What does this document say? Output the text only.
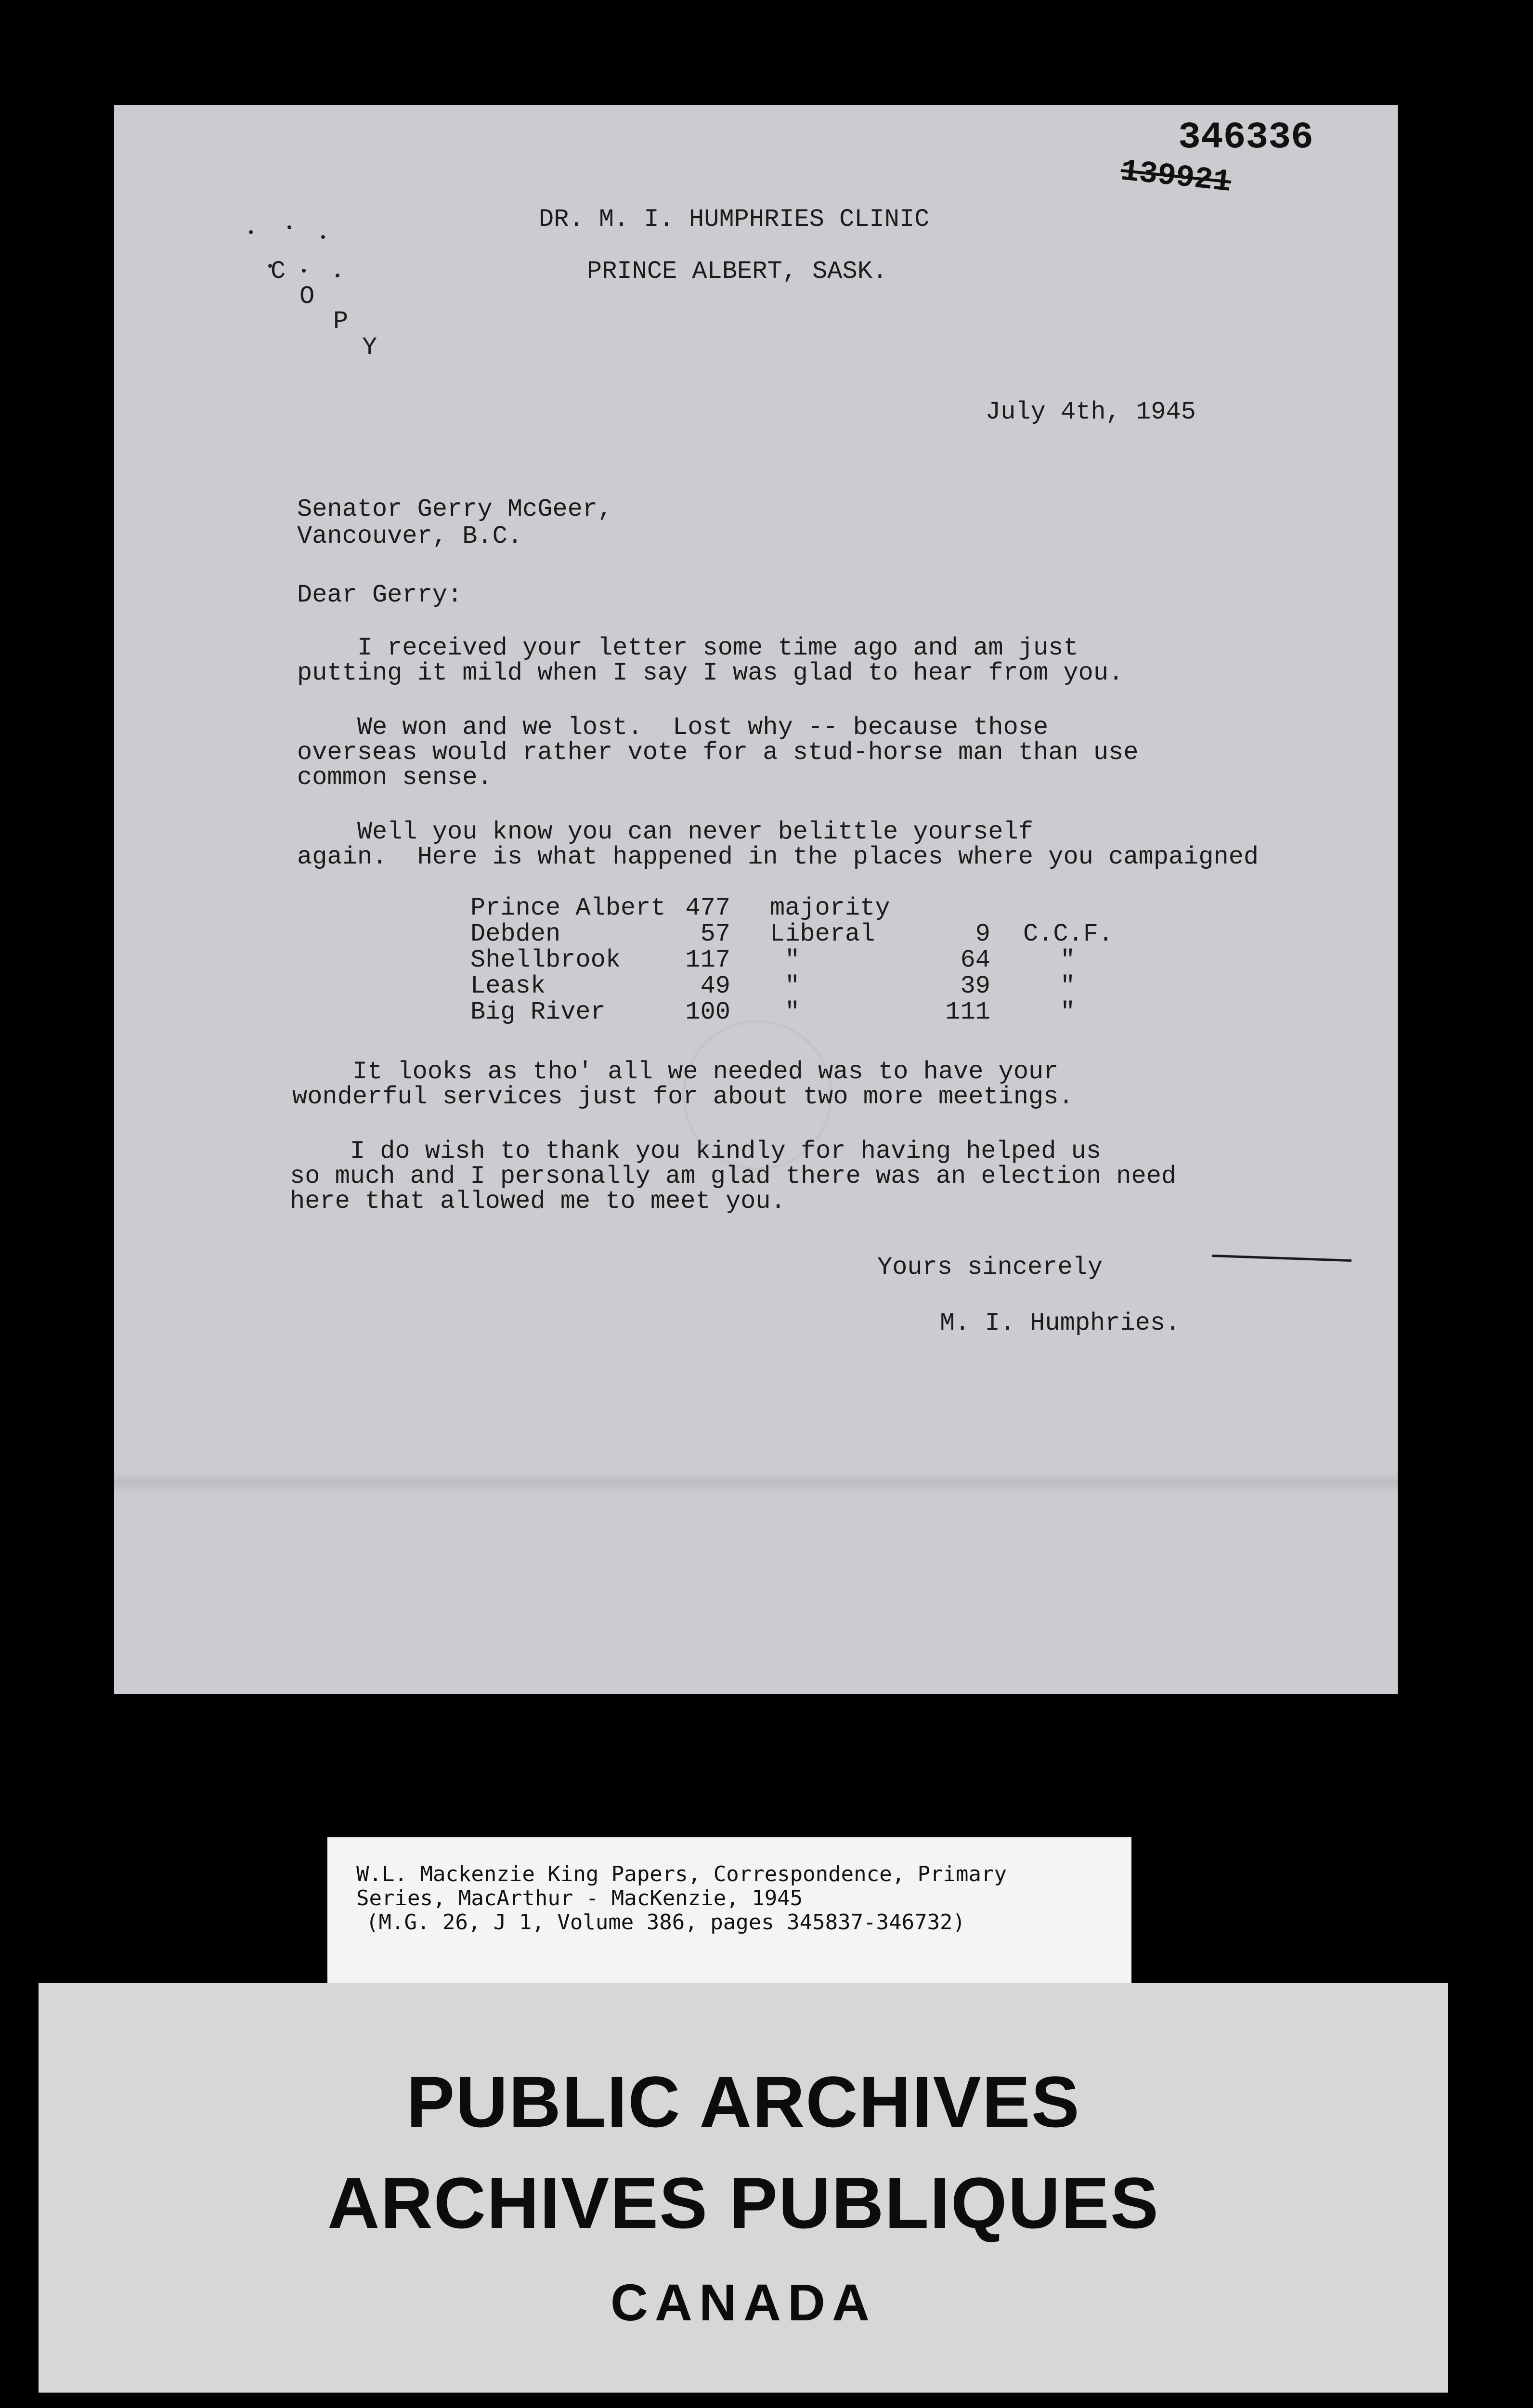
346336
139921
DR. M. I. HUMPHRIES CLINIC
PRINCE ALBERT, SASK.
C
O
P
Y
July 4th, 1945
Senator Gerry McGeer,
Vancouver, B.C.
Dear Gerry:
I received your letter some time ago and am just
putting it mild when I say I was glad to hear from you.
We won and we lost.  Lost why -- because those
overseas would rather vote for a stud-horse man than use
common sense.
Well you know you can never belittle yourself
again.  Here is what happened in the places where you campaigned
Prince Albert 477 majority
Debden	57 Liberal	9 C.C.F.
Shellbrook	117 "	64	"
Leask	49 "	39	"
Big River	100 "	111	"
It looks as tho' all we needed was to have your
wonderful services just for about two more meetings.
I do wish to thank you kindly for having helped us
so much and I personally am glad there was an election need
here that allowed me to meet you.
Yours sincerely
M. I. Humphries.
W.L. Mackenzie King Papers, Correspondence, Primary
Series, MacArthur - MacKenzie, 1945
(M.G. 26, J 1, Volume 386, pages 345837-346732)
PUBLIC ARCHIVES
ARCHIVES PUBLIQUES
CANADA
